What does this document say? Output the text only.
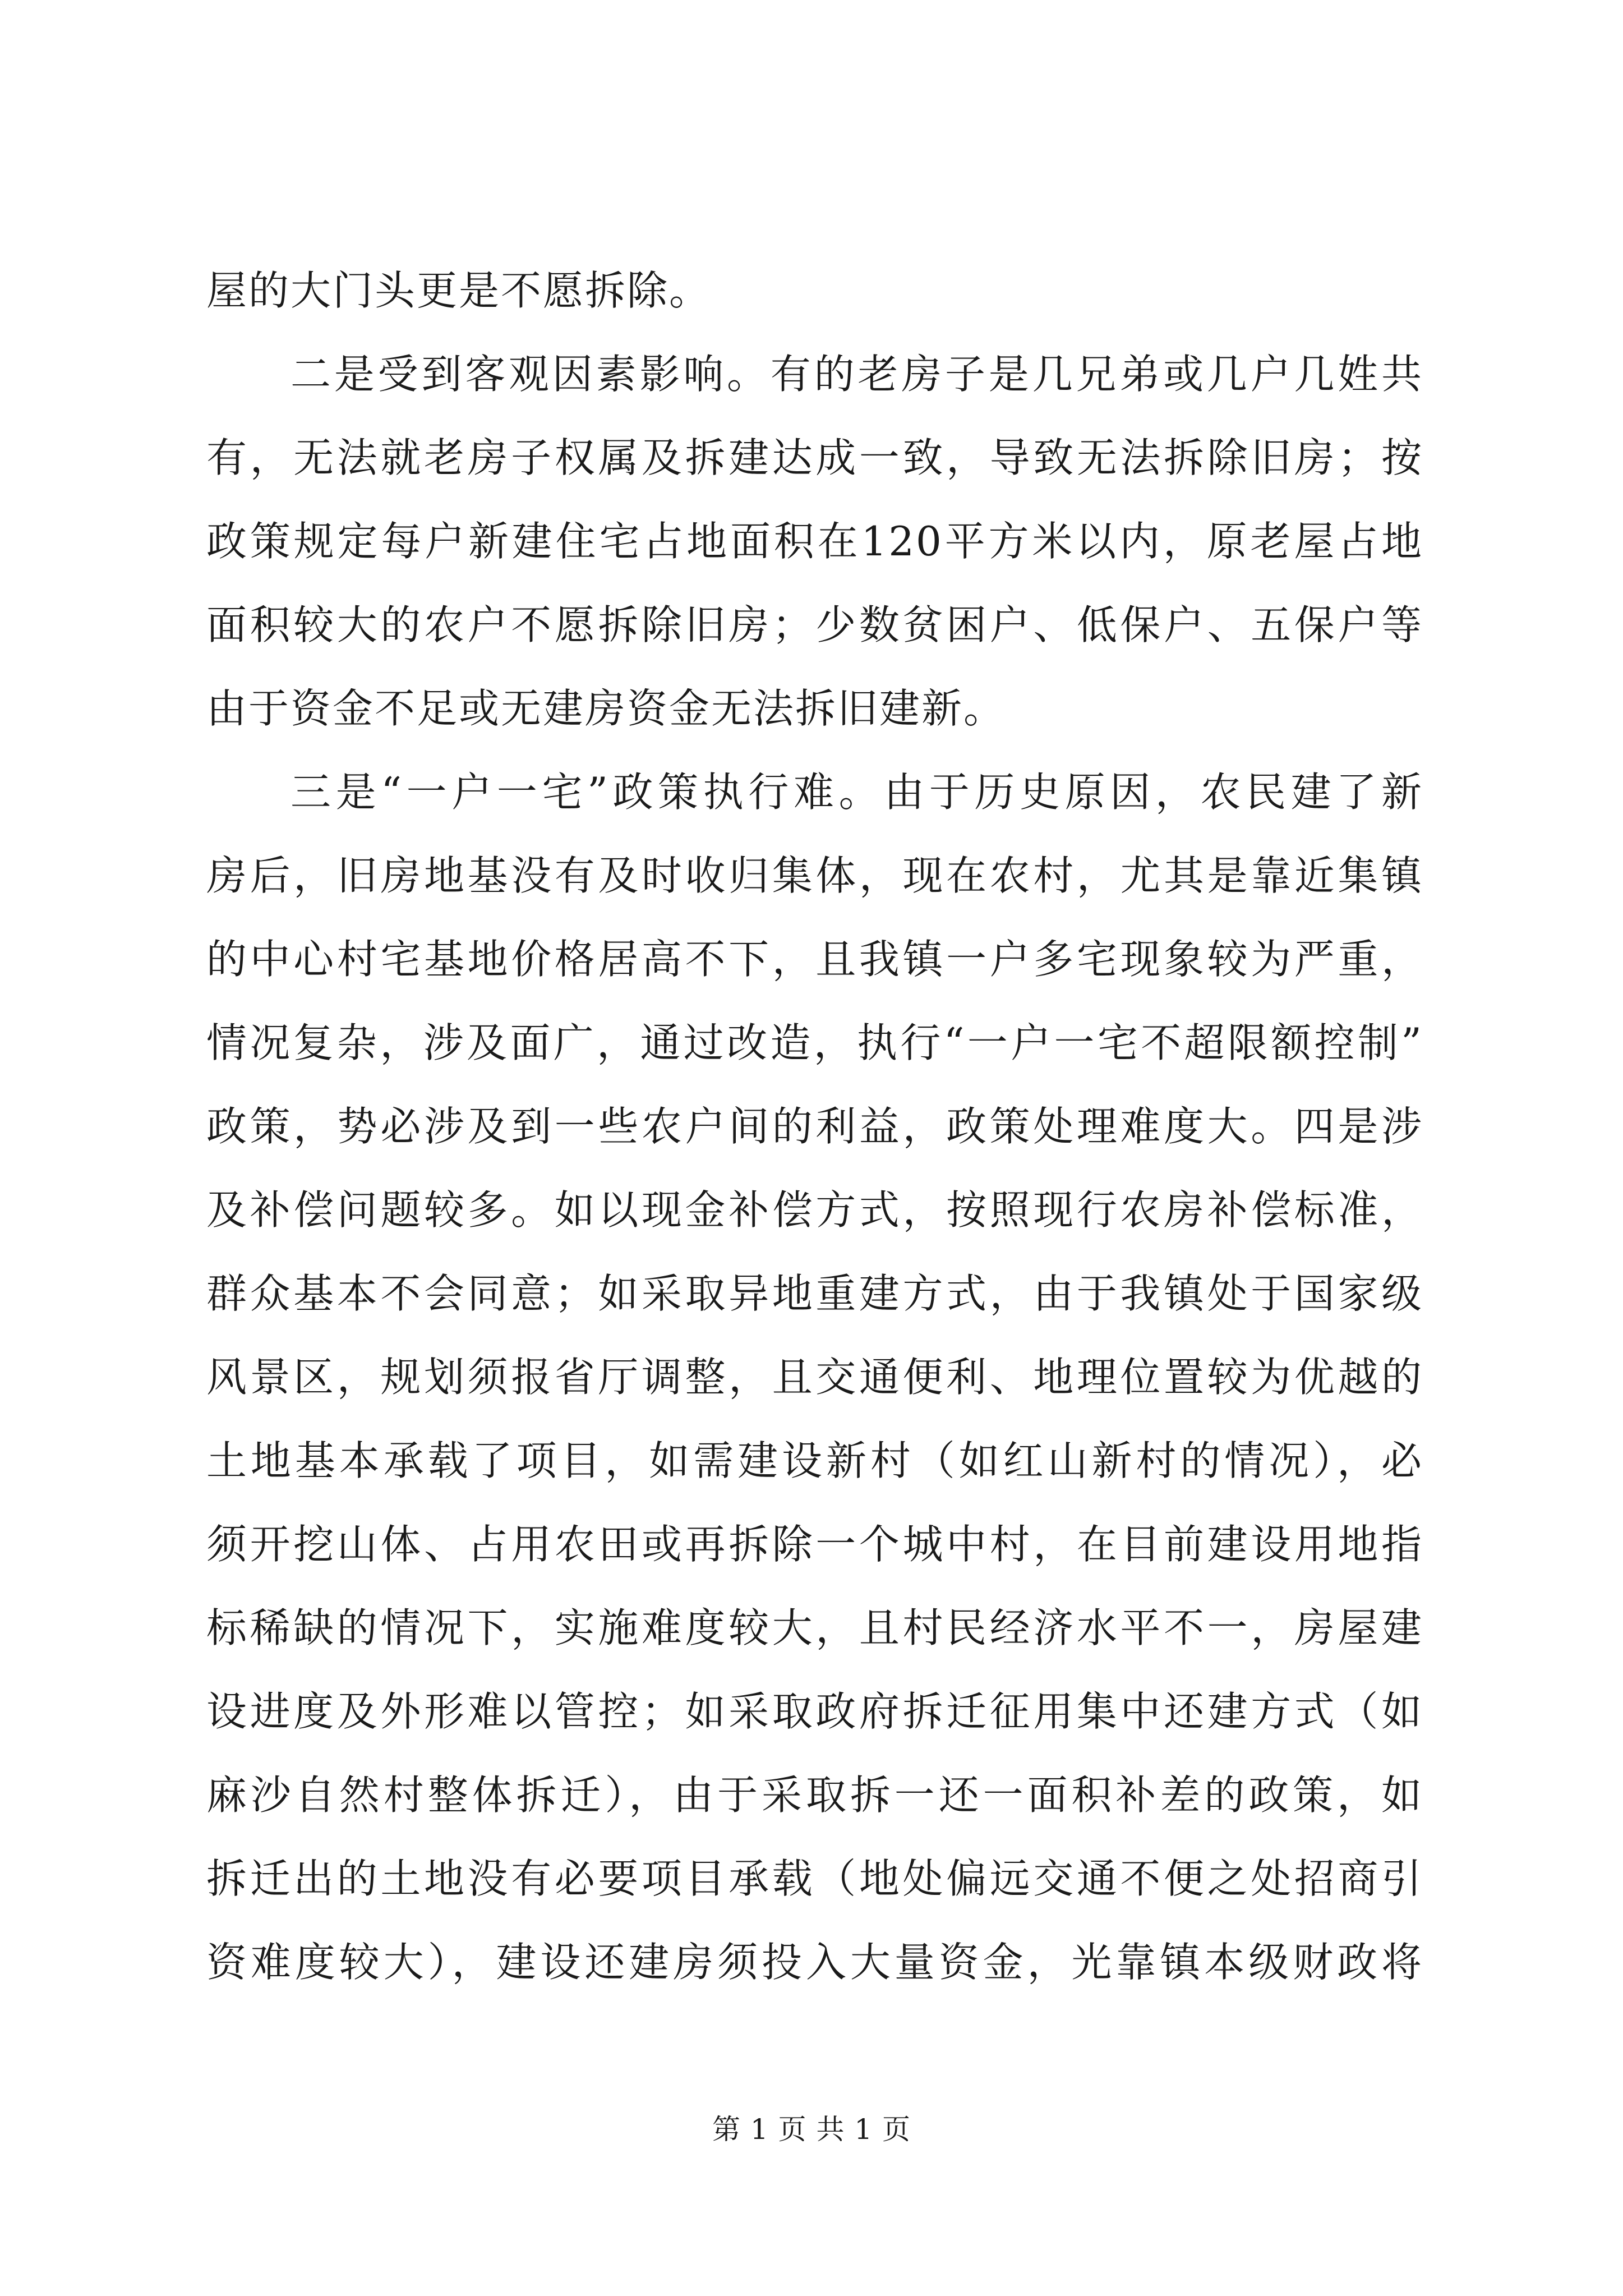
屋的大门头更是不愿拆除。
二是受到客观因素影响。有的老房子是几兄弟或几户几姓共
有，无法就老房子权属及拆建达成一致，导致无法拆除旧房；按
政策规定每户新建住宅占地面积在120平方米以内，原老屋占地
面积较大的农户不愿拆除旧房；少数贫困户、低保户、五保户等
由于资金不足或无建房资金无法拆旧建新。
三是“一户一宅”政策执行难。由于历史原因，农民建了新
房后，旧房地基没有及时收归集体，现在农村，尤其是靠近集镇
的中心村宅基地价格居高不下，且我镇一户多宅现象较为严重，
情况复杂，涉及面广，通过改造，执行“一户一宅不超限额控制”
政策，势必涉及到一些农户间的利益，政策处理难度大。四是涉
及补偿问题较多。如以现金补偿方式，按照现行农房补偿标准，
群众基本不会同意；如采取异地重建方式，由于我镇处于国家级
风景区，规划须报省厅调整，且交通便利、地理位置较为优越的
土地基本承载了项目，如需建设新村（如红山新村的情况），必
须开挖山体、占用农田或再拆除一个城中村，在目前建设用地指
标稀缺的情况下，实施难度较大，且村民经济水平不一，房屋建
设进度及外形难以管控；如采取政府拆迁征用集中还建方式（如
麻沙自然村整体拆迁），由于采取拆一还一面积补差的政策，如
拆迁出的土地没有必要项目承载（地处偏远交通不便之处招商引
资难度较大），建设还建房须投入大量资金，光靠镇本级财政将
第 1 页 共 1 页
